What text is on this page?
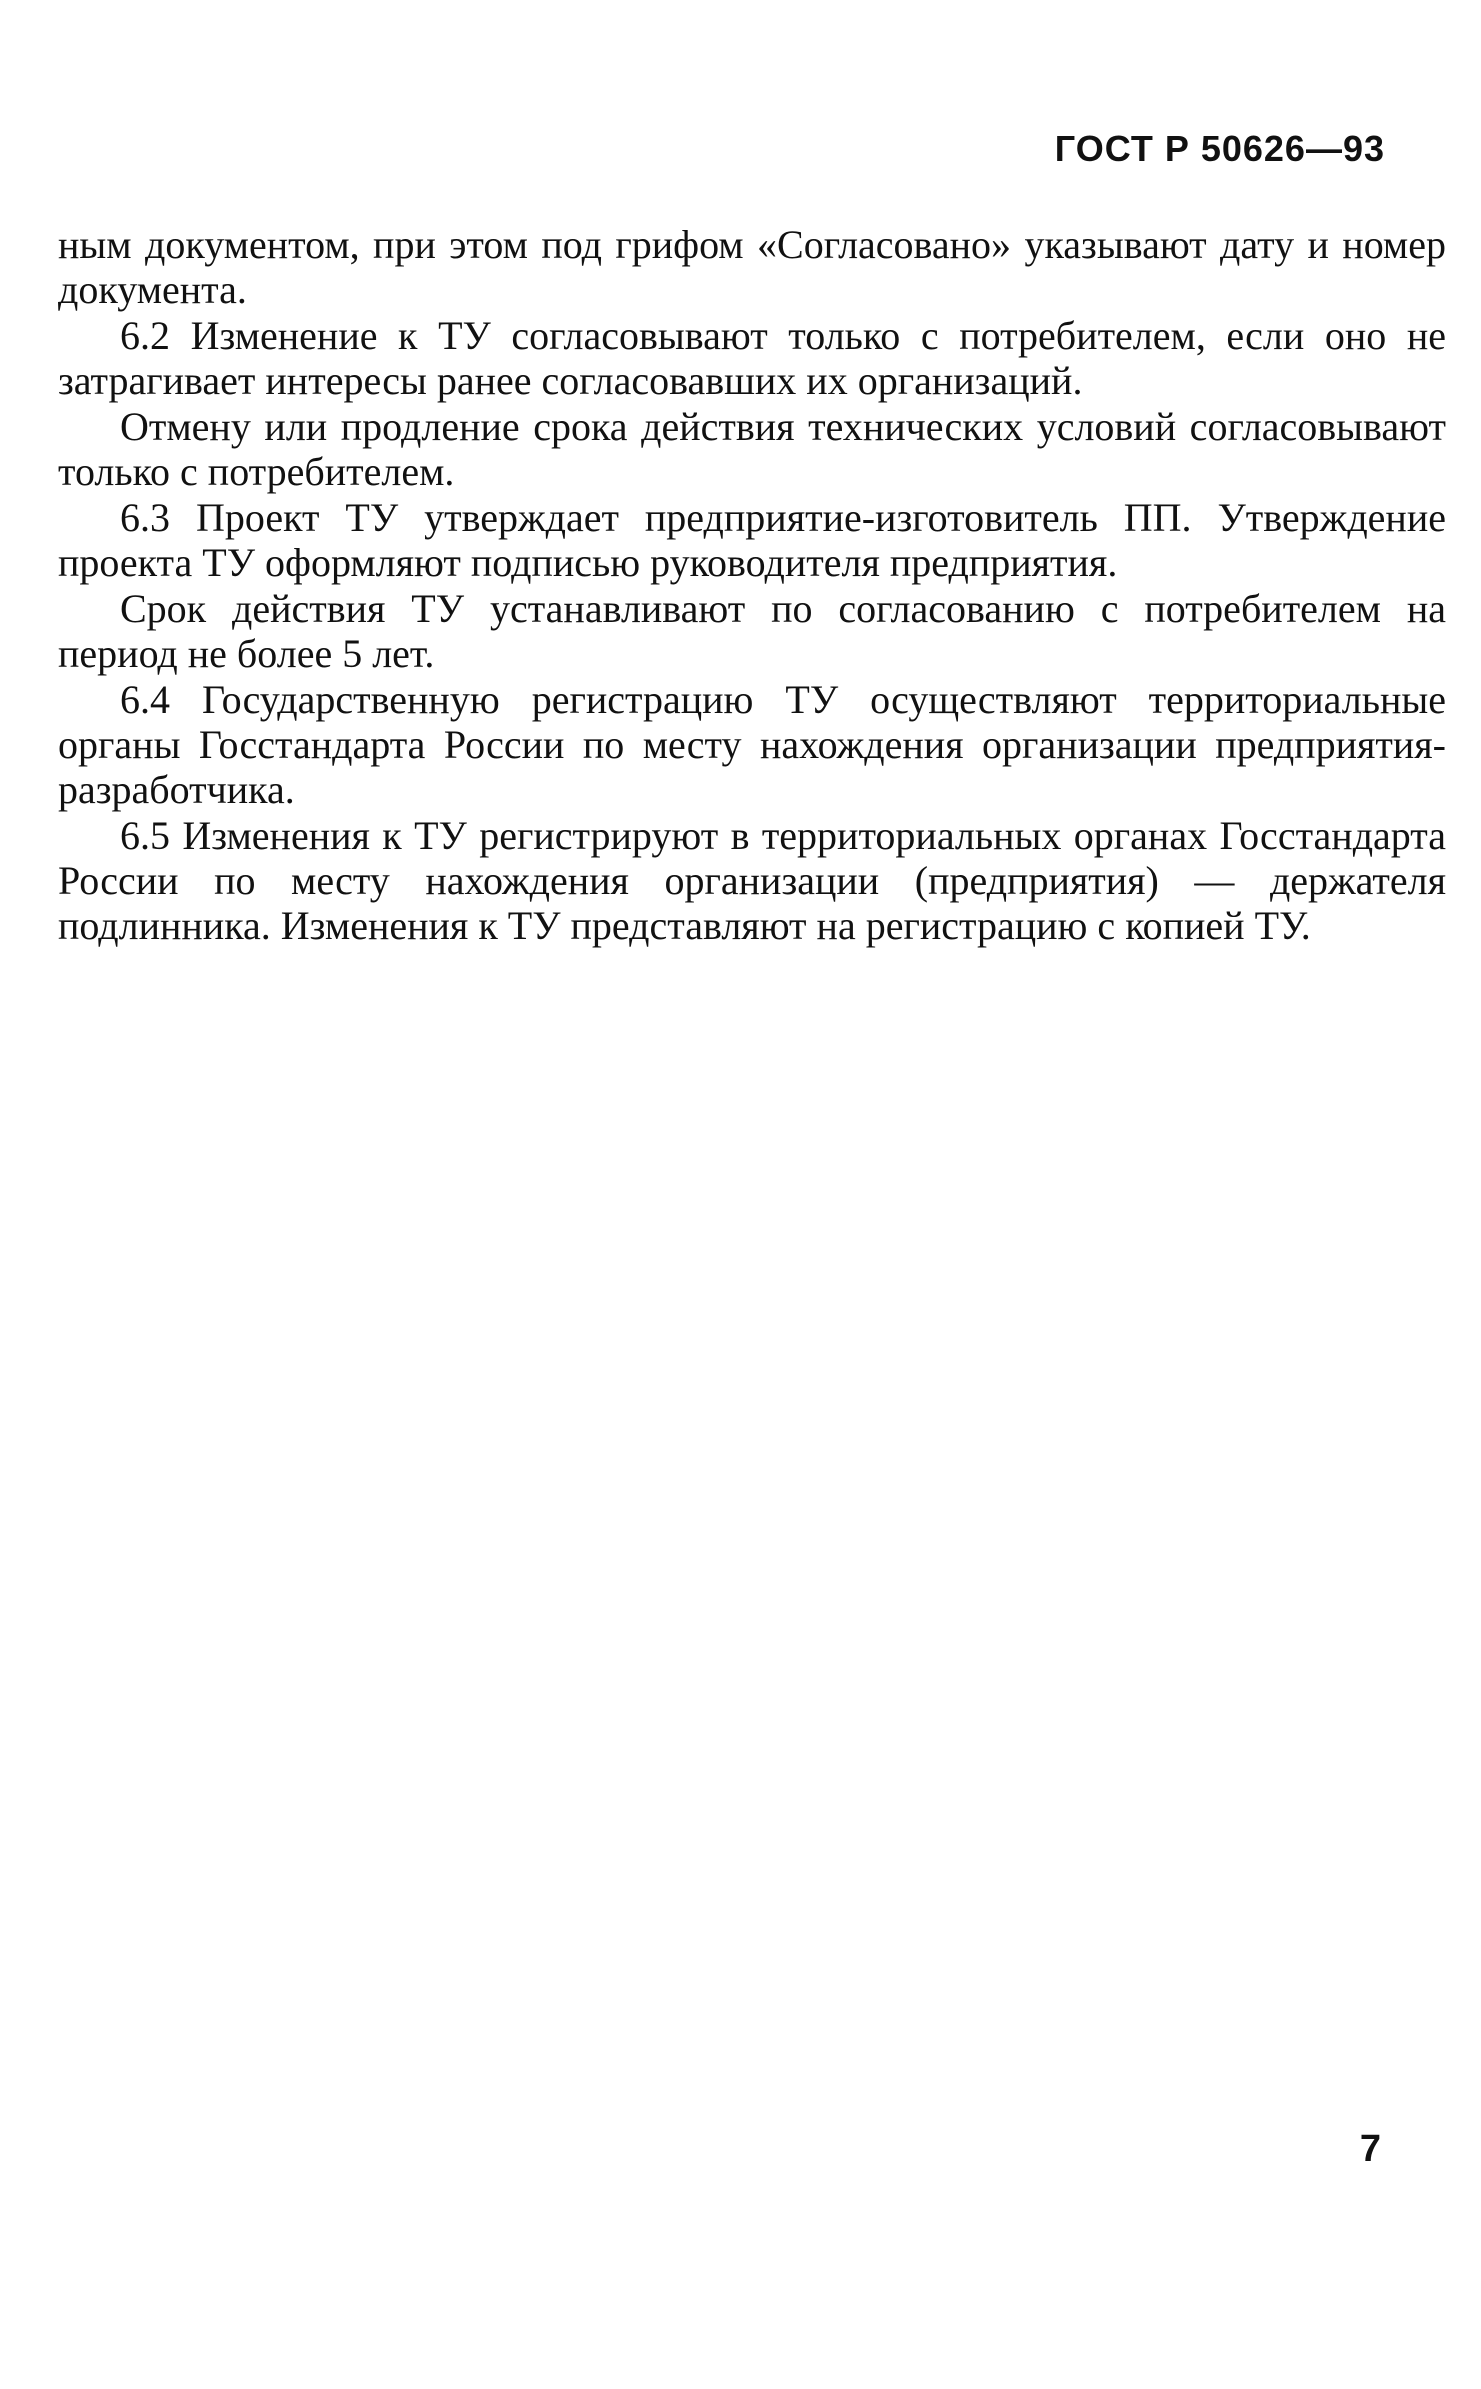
ГОСТ Р 50626—93

ным документом, при этом под грифом «Согласовано» указывают дату и номер документа.

6.2 Изменение к ТУ согласовывают только с потребителем, если оно не затрагивает интересы ранее согласовавших их организаций.

Отмену или продление срока действия технических условий согласовывают только с потребителем.

6.3 Проект ТУ утверждает предприятие-изготовитель ПП. Утверждение проекта ТУ оформляют подписью руководителя предприятия.

Срок действия ТУ устанавливают по согласованию с потребителем на период не более 5 лет.

6.4 Государственную регистрацию ТУ осуществляют территориальные органы Госстандарта России по месту нахождения организации предприятия-разработчика.

6.5 Изменения к ТУ регистрируют в территориальных органах Госстандарта России по месту нахождения организации (предприятия) — держателя подлинника. Изменения к ТУ представляют на регистрацию с копией ТУ.

7
